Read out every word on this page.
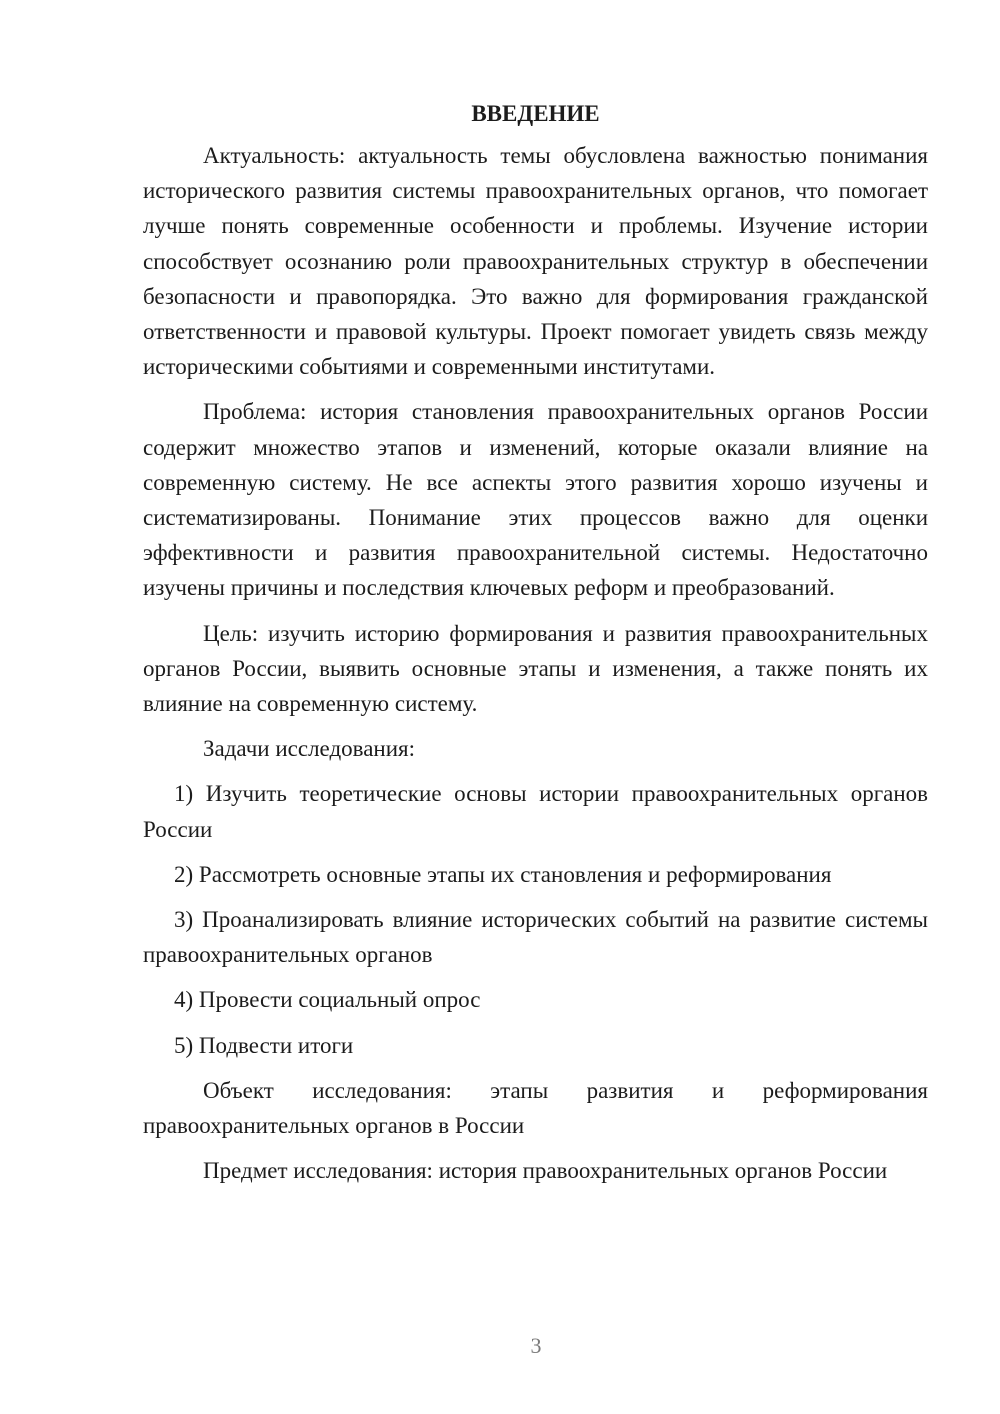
ВВЕДЕНИЕ

Актуальность: актуальность темы обусловлена важностью понимания исторического развития системы правоохранительных органов, что помогает лучше понять современные особенности и проблемы. Изучение истории способствует осознанию роли правоохранительных структур в обеспечении безопасности и правопорядка. Это важно для формирования гражданской ответственности и правовой культуры. Проект помогает увидеть связь между историческими событиями и современными институтами.

Проблема: история становления правоохранительных органов России содержит множество этапов и изменений, которые оказали влияние на современную систему. Не все аспекты этого развития хорошо изучены и систематизированы. Понимание этих процессов важно для оценки эффективности и развития правоохранительной системы. Недостаточно изучены причины и последствия ключевых реформ и преобразований.

Цель: изучить историю формирования и развития правоохранительных органов России, выявить основные этапы и изменения, а также понять их влияние на современную систему.

Задачи исследования:

1) Изучить теоретические основы истории правоохранительных органов России

2) Рассмотреть основные этапы их становления и реформирования

3) Проанализировать влияние исторических событий на развитие системы правоохранительных органов

4) Провести социальный опрос

5) Подвести итоги

Объект исследования: этапы развития и реформирования правоохранительных органов в России

Предмет исследования: история правоохранительных органов России

3
